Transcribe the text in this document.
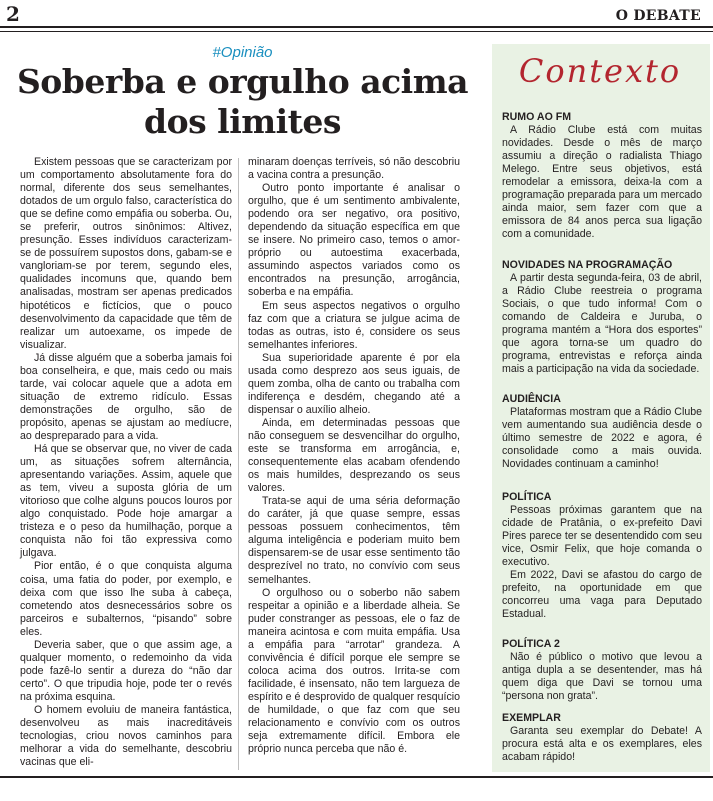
2	O DEBATE
#Opinião
Soberba e orgulho acima
dos limites

Existem pessoas que se caracterizam por um comportamento absolutamente fora do normal, diferente dos seus semelhantes, dotados de um orgulo falso, característica do que se define como empáfia ou soberba. Ou, se preferir, outros sinônimos: Altivez, presunção. Esses indivíduos caracterizam-se de possuírem supostos dons, gabam-se e vangloriam-se por terem, segundo eles, qualidades incomuns que, quando bem analisadas, mostram ser apenas predicados hipotéticos e fictícios, que o pouco desenvolvimento da capacidade que têm de realizar um autoexame, os impede de visualizar.

Já disse alguém que a soberba jamais foi boa conselheira, e que, mais cedo ou mais tarde, vai colocar aquele que a adota em situação de extremo ridículo. Essas demonstrações de orgulho, são de propósito, apenas se ajustam ao medíucre, ao despreparado para a vida.

Há que se observar que, no viver de cada um, as situações sofrem alternância, apresentando variações. Assim, aquele que as tem, viveu a suposta glória de um vitorioso que colhe alguns poucos louros por algo conquistado. Pode hoje amargar a tristeza e o peso da humilhação, porque a conquista não foi tão expressiva como julgava.

Pior então, é o que conquista alguma coisa, uma fatia do poder, por exemplo, e deixa com que isso lhe suba à cabeça, cometendo atos desnecessários sobre os parceiros e subalternos, “pisando” sobre eles.

Deveria saber, que o que assim age, a qualquer momento, o redemoinho da vida pode fazê-lo sentir a dureza do “não dar certo”. O que tripudia hoje, pode ter o revés na próxima esquina.

O homem evoluiu de maneira fantástica, desenvolveu as mais inacreditáveis tecnologias, criou novos caminhos para melhorar a vida do semelhante, descobriu vacinas que eli-

minaram doenças terríveis, só não descobriu a vacina contra a presunção.

Outro ponto importante é analisar o orgulho, que é um sentimento ambivalente, podendo ora ser negativo, ora positivo, dependendo da situação específica em que se insere. No primeiro caso, temos o amor-próprio ou autoestima exacerbada, assumindo aspectos variados como os encontrados na presunção, arrogância, soberba e na empáfia.

Em seus aspectos negativos o orgulho faz com que a criatura se julgue acima de todas as outras, isto é, considere os seus semelhantes inferiores.

Sua superioridade aparente é por ela usada como desprezo aos seus iguais, de quem zomba, olha de canto ou trabalha com indiferença e desdém, chegando até a dispensar o auxílio alheio.

Ainda, em determinadas pessoas que não conseguem se desvencilhar do orgulho, este se transforma em arrogância, e, consequentemente elas acabam ofendendo os mais humildes, desprezando os seus valores.

Trata-se aqui de uma séria deformação do caráter, já que quase sempre, essas pessoas possuem conhecimentos, têm alguma inteligência e poderiam muito bem dispensarem-se de usar esse sentimento tão desprezível no trato, no convívio com seus semelhantes.

O orgulhoso ou o soberbo não sabem respeitar a opinião e a liberdade alheia. Se puder constranger as pessoas, ele o faz de maneira acintosa e com muita empáfia. Usa a empáfia para “arrotar” grandeza. A convivência é difícil porque ele sempre se coloca acima dos outros. Irrita-se com facilidade, é insensato, não tem largueza de espírito e é desprovido de qualquer resquício de humildade, o que faz com que seu relacionamento e convívio com os outros seja extremamente difícil. Embora ele próprio nunca perceba que não é.

Contexto
RUMO AO FM

A Rádio Clube está com muitas novidades. Desde o mês de março assumiu a direção o radialista Thiago Melego. Entre seus objetivos, está remodelar a emissora, deixa-la com a programação preparada para um mercado ainda maior, sem fazer com que a emissora de 84 anos perca sua ligação com a comunidade.

NOVIDADES NA PROGRAMAÇÃO

A partir desta segunda-feira, 03 de abril, a Rádio Clube reestreia o programa Sociais, o que tudo informa! Com o comando de Caldeira e Juruba, o programa mantém a “Hora dos esportes” que agora torna-se um quadro do programa, entrevistas e reforça ainda mais a participação na vida da sociedade.

AUDIÊNCIA

Plataformas mostram que a Rádio Clube vem aumentando sua audiência desde o último semestre de 2022 e agora, é consolidade como a mais ouvida. Novidades continuam a caminho!

POLÍTICA

Pessoas próximas garantem que na cidade de Pratânia, o ex-prefeito Davi Pires parece ter se desentendido com seu vice, Osmir Felix, que hoje comanda o executivo.

Em 2022, Davi se afastou do cargo de prefeito, na oportunidade em que concorreu uma vaga para Deputado Estadual.

POLÍTICA 2

Não é público o motivo que levou a antiga dupla a se desentender, mas há quem diga que Davi se tornou uma “persona non grata”.

EXEMPLAR

Garanta seu exemplar do Debate! A procura está alta e os exemplares, eles acabam rápido!
